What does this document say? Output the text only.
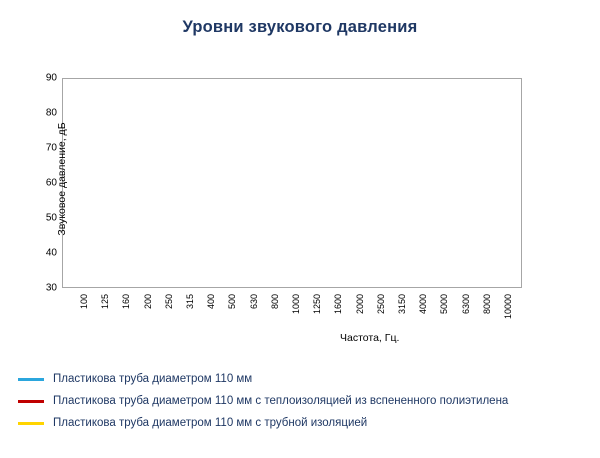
Уровни звукового давления
Звуковое давление, дБ
30
40
50
60
70
80
90
100 125 160 200 250 315 400 500 630 800 1000 1250 1600 2000 2500 3150 4000 5000 6300 8000 10000
Частота, Гц.
Пластикова труба диаметром 110 мм
Пластикова труба диаметром 110 мм с теплоизоляцией из вспененного полиэтилена
Пластикова труба диаметром 110 мм с трубной изоляцией
